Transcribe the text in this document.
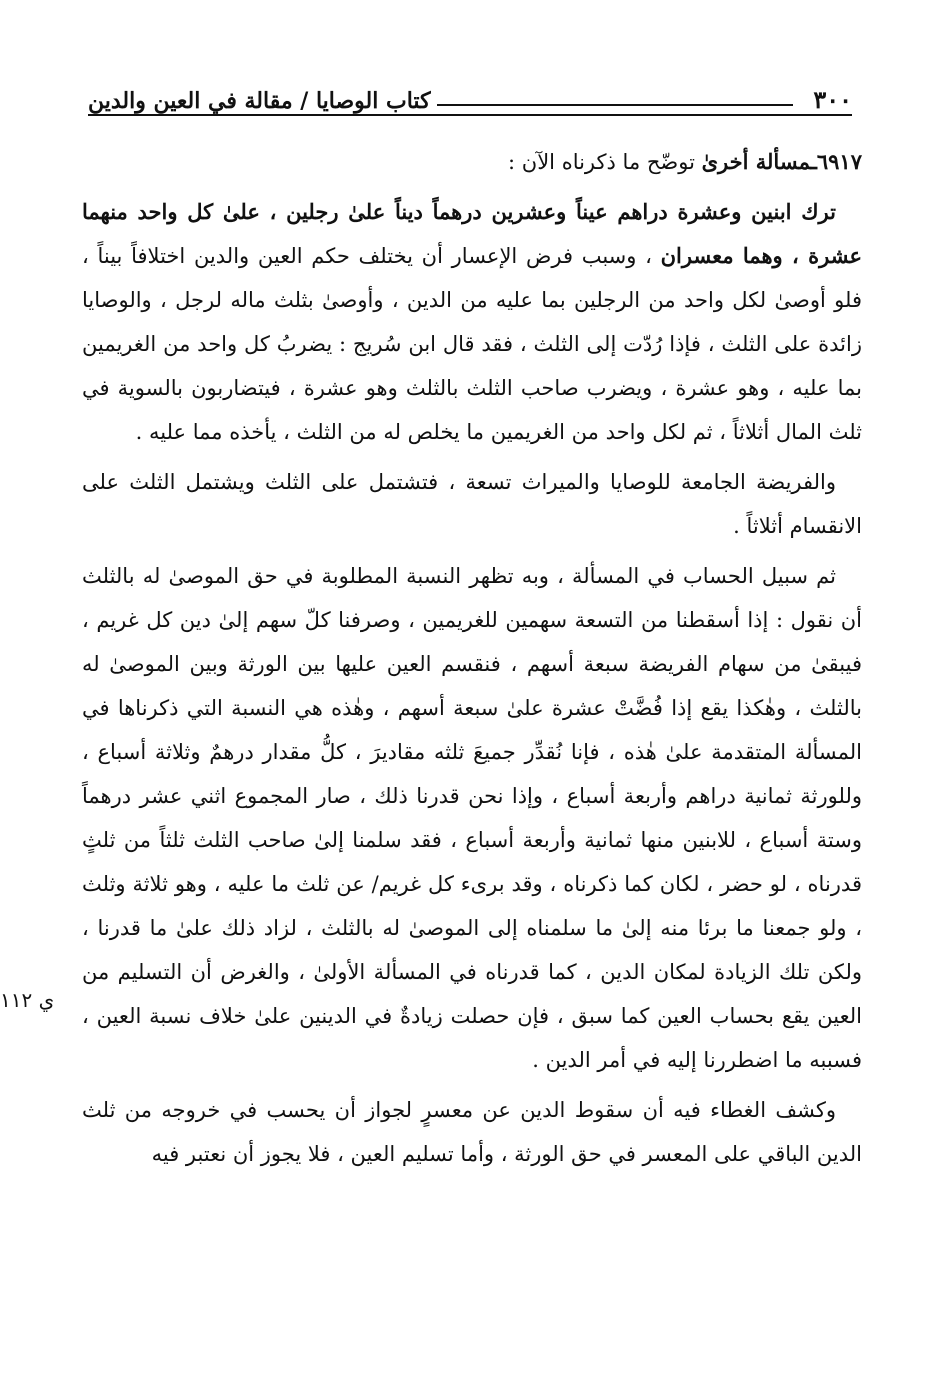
٣٠٠
كتاب الوصايا / مقالة في العين والدين

٦٩١٧ـمسألة أخرىٰ توضّح ما ذكرناه الآن :

ترك ابنين وعشرة دراهم عيناً وعشرين درهماً ديناً علىٰ رجلين ، علىٰ كل واحد منهما عشرة ، وهما معسران ، وسبب فرض الإعسار أن يختلف حكم العين والدين اختلافاً بيناً ، فلو أوصىٰ لكل واحد من الرجلين بما عليه من الدين ، وأوصىٰ بثلث ماله لرجل ، والوصايا زائدة على الثلث ، فإذا رُدّت إلى الثلث ، فقد قال ابن سُريج : يضربُ كل واحد من الغريمين بما عليه ، وهو عشرة ، ويضرب صاحب الثلث بالثلث وهو عشرة ، فيتضاربون بالسوية في ثلث المال أثلاثاً ، ثم لكل واحد من الغريمين ما يخلص له من الثلث ، يأخذه مما عليه .

والفريضة الجامعة للوصايا والميراث تسعة ، فتشتمل على الثلث ويشتمل الثلث على الانقسام أثلاثاً .

ثم سبيل الحساب في المسألة ، وبه تظهر النسبة المطلوبة في حق الموصىٰ له بالثلث أن نقول : إذا أسقطنا من التسعة سهمين للغريمين ، وصرفنا كلّ سهم إلىٰ دين كل غريم ، فيبقىٰ من سهام الفريضة سبعة أسهم ، فنقسم العين عليها بين الورثة وبين الموصىٰ له بالثلث ، وهٰكذا يقع إذا فُضَّتْ عشرة علىٰ سبعة أسهم ، وهٰذه هي النسبة التي ذكرناها في المسألة المتقدمة علىٰ هٰذه ، فإنا نُقدِّر جميعَ ثلثه مقاديرَ ، كلُّ مقدار درهمٌ وثلاثة أسباع ، وللورثة ثمانية دراهم وأربعة أسباع ، وإذا نحن قدرنا ذلك ، صار المجموع اثني عشر درهماً وستة أسباع ، للابنين منها ثمانية وأربعة أسباع ، فقد سلمنا إلىٰ صاحب الثلث ثلثاً من ثلثٍ قدرناه ، لو حضر ، لكان كما ذكرناه ، وقد برىء كل غريم/ عن ثلث ما عليه ، وهو ثلاثة وثلث ، ولو جمعنا ما برئا منه إلىٰ ما سلمناه إلى الموصىٰ له بالثلث ، لزاد ذلك علىٰ ما قدرنا ، ولكن تلك الزيادة لمكان الدين ، كما قدرناه في المسألة الأولىٰ ، والغرض أن التسليم من العين يقع بحساب العين كما سبق ، فإن حصلت زيادةٌ في الدينين علىٰ خلاف نسبة العين ، فسببه ما اضطررنا إليه في أمر الدين .

وكشف الغطاء فيه أن سقوط الدين عن معسرٍ لجواز أن يحسب في خروجه من ثلث الدين الباقي على المعسر في حق الورثة ، وأما تسليم العين ، فلا يجوز أن نعتبر فيه

ي ١١٢
